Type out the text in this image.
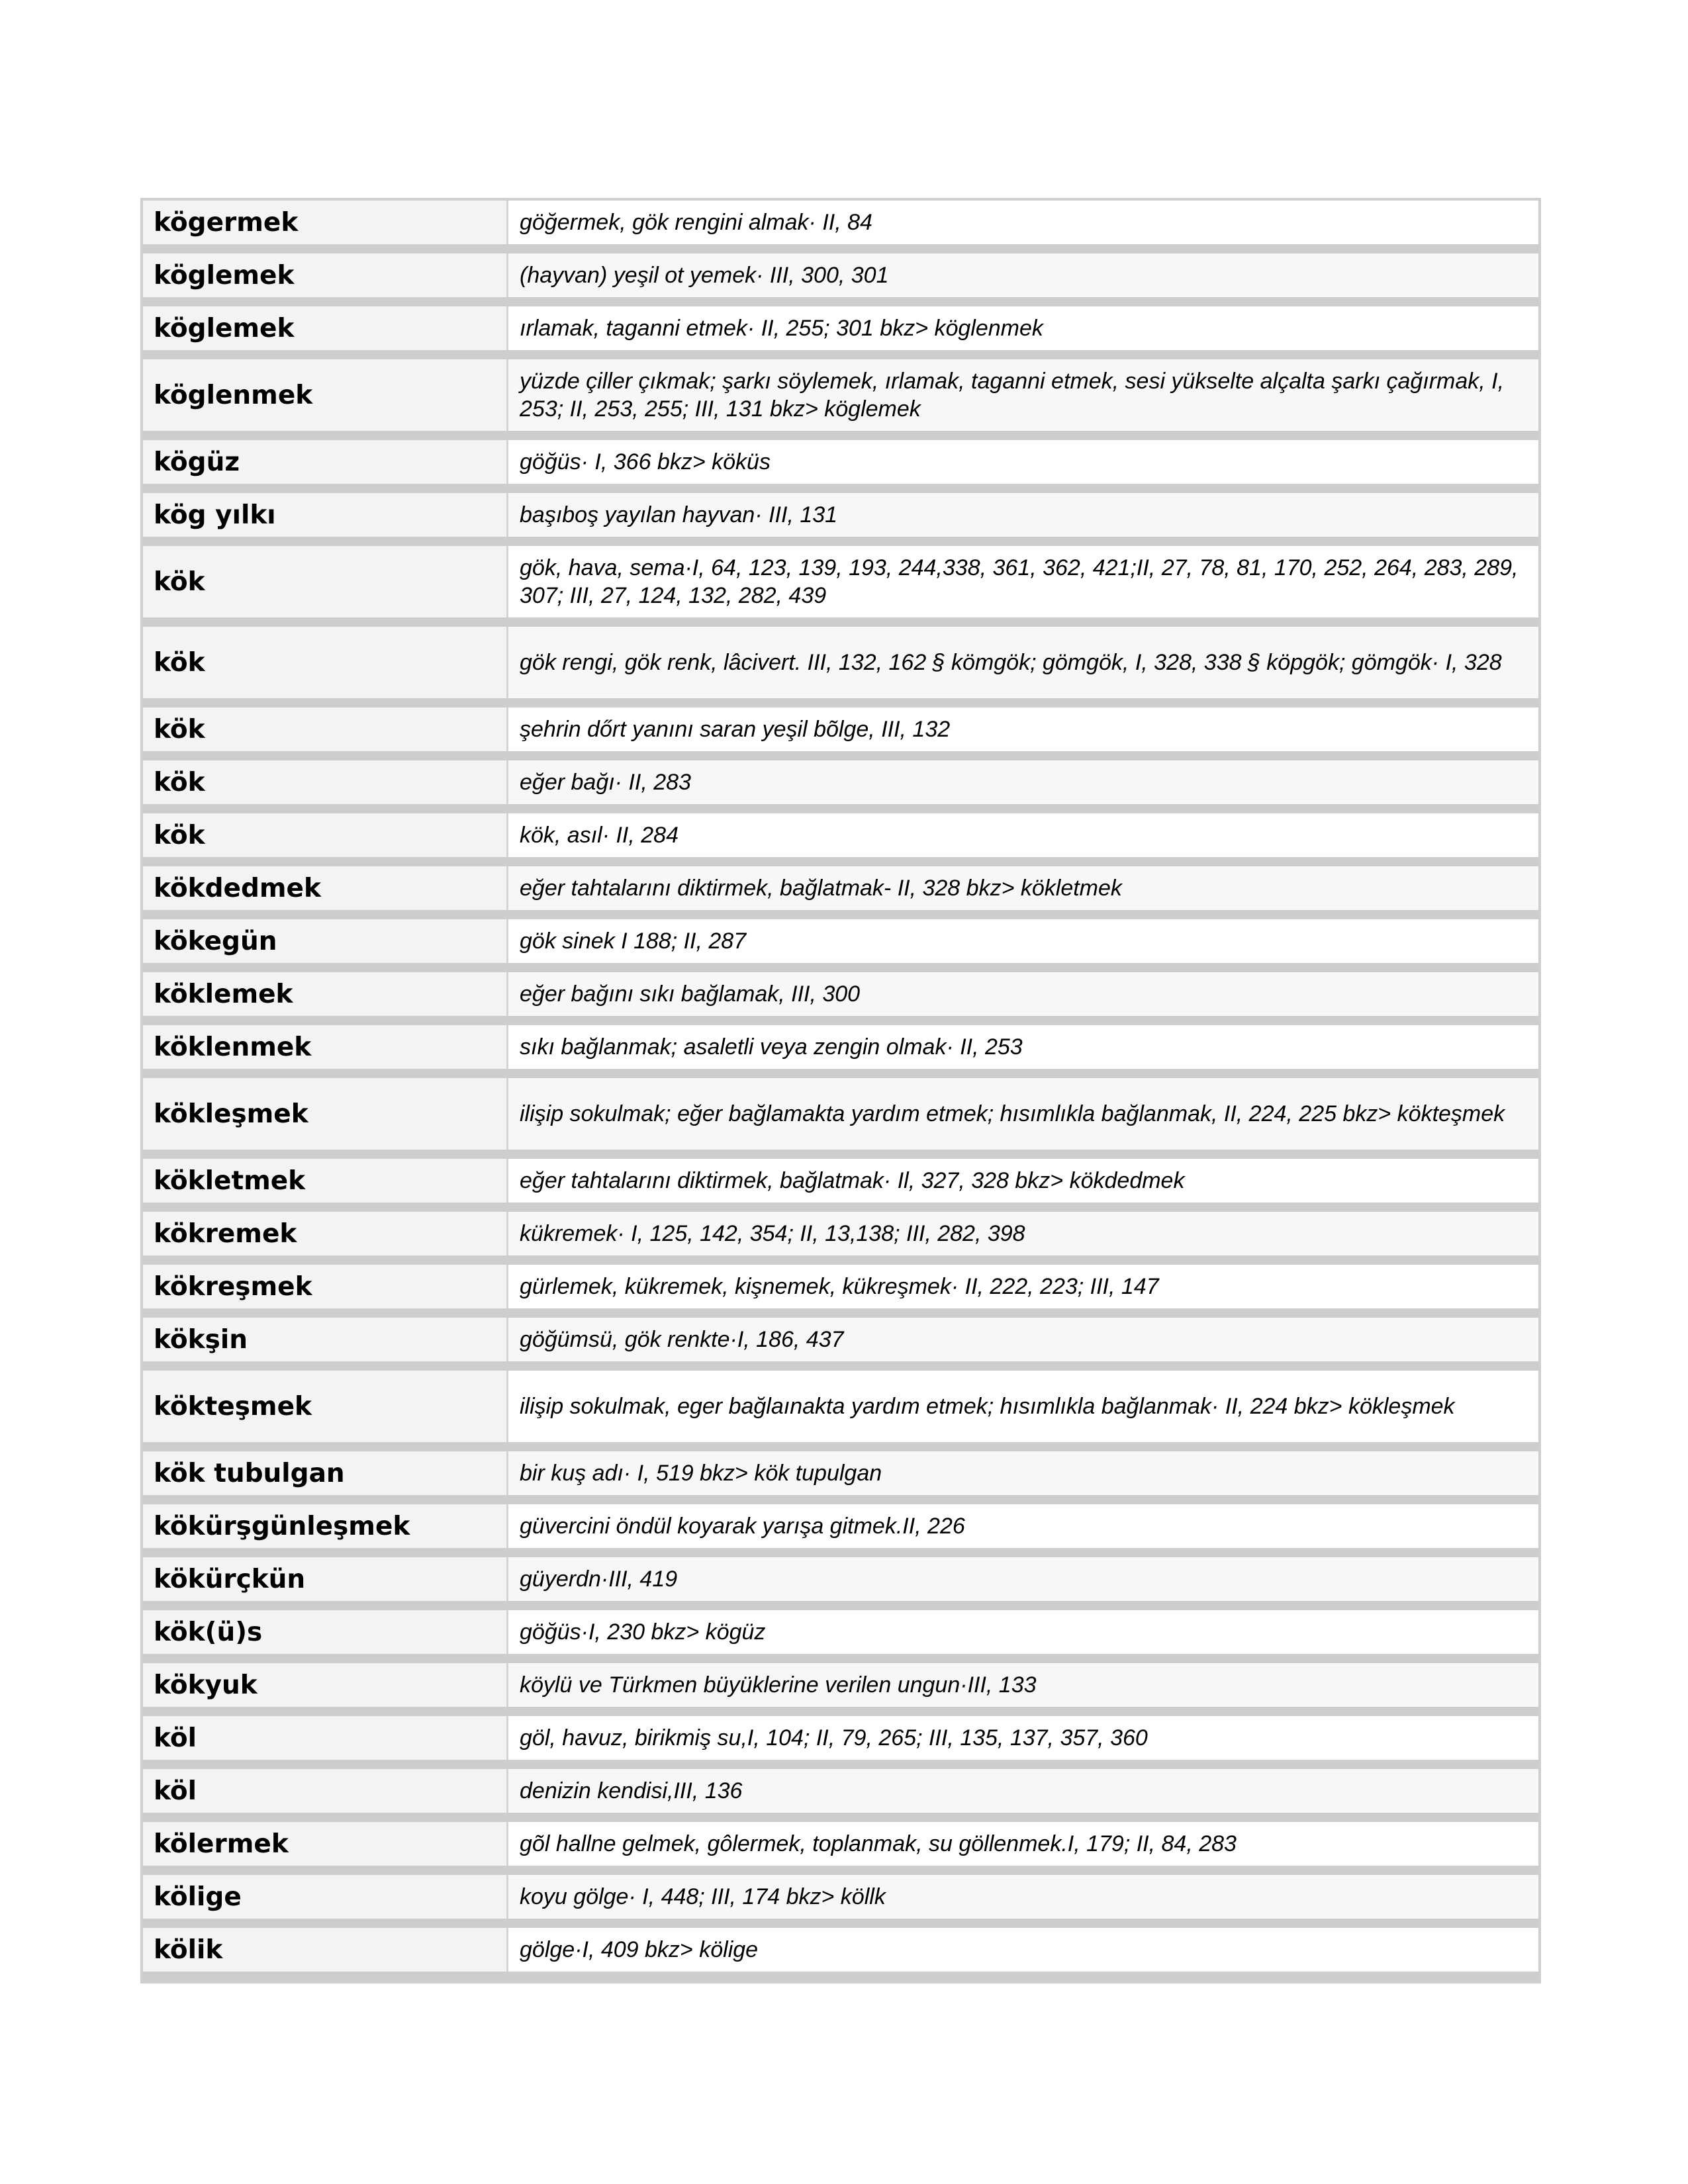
kögermek	göğermek, gök rengini almak· II, 84
köglemek	(hayvan) yeşil ot yemek· III, 300, 301
köglemek	ırlamak, taganni etmek· II, 255; 301 bkz> köglenmek
köglenmek	yüzde çiller çıkmak; şarkı söylemek, ırlamak, taganni etmek, sesi yükselte alçalta şarkı çağırmak, I, 253; II, 253, 255; III, 131 bkz> köglemek
kögüz	göğüs· I, 366 bkz> köküs
kög yılkı	başıboş yayılan hayvan· III, 131
kök	gök, hava, sema·I, 64, 123, 139, 193, 244,338, 361, 362, 421;II, 27, 78, 81, 170, 252, 264, 283, 289, 307; III, 27, 124, 132, 282, 439
kök	gök rengi, gök renk, lâcivert. III, 132, 162 § kömgök; gömgök, I, 328, 338 § köpgök; gömgök· I, 328
kök	şehrin dőrt yanını saran yeşil bõlge, III, 132
kök	eğer bağı· II, 283
kök	kök, asıl· II, 284
kökdedmek	eğer tahtalarını diktirmek, bağlatmak- II, 328 bkz> kökletmek
kökegün	gök sinek I 188; II, 287
köklemek	eğer bağını sıkı bağlamak, III, 300
köklenmek	sıkı bağlanmak; asaletli veya zengin olmak· II, 253
kökleşmek	ilişip sokulmak; eğer bağlamakta yardım etmek; hısımlıkla bağlanmak, II, 224, 225 bkz> kökteşmek
kökletmek	eğer tahtalarını diktirmek, bağlatmak· Il, 327, 328 bkz> kökdedmek
kökremek	kükremek· I, 125, 142, 354; II, 13,138; III, 282, 398
kökreşmek	gürlemek, kükremek, kişnemek, kükreşmek· II, 222, 223; III, 147
kökşin	göğümsü, gök renkte·I, 186, 437
kökteşmek	ilişip sokulmak, eger bağlaınakta yardım etmek; hısımlıkla bağlanmak· II, 224 bkz> kökleşmek
kök tubulgan	bir kuş adı· I, 519 bkz> kök tupulgan
kökürşgünleşmek	güvercini öndül koyarak yarışa gitmek.II, 226
kökürçkün	güyerdn·III, 419
kök(ü)s	göğüs·I, 230 bkz> kögüz
kökyuk	köylü ve Türkmen büyüklerine verilen ungun·III, 133
köl	göl, havuz, birikmiş su,I, 104; II, 79, 265; III, 135, 137, 357, 360
köl	denizin kendisi,III, 136
kölermek	gõl hallne gelmek, gôlermek, toplanmak, su göllenmek.I, 179; II, 84, 283
kölige	koyu gölge· I, 448; III, 174 bkz> köllk
kölik	gölge·I, 409 bkz> kölige
